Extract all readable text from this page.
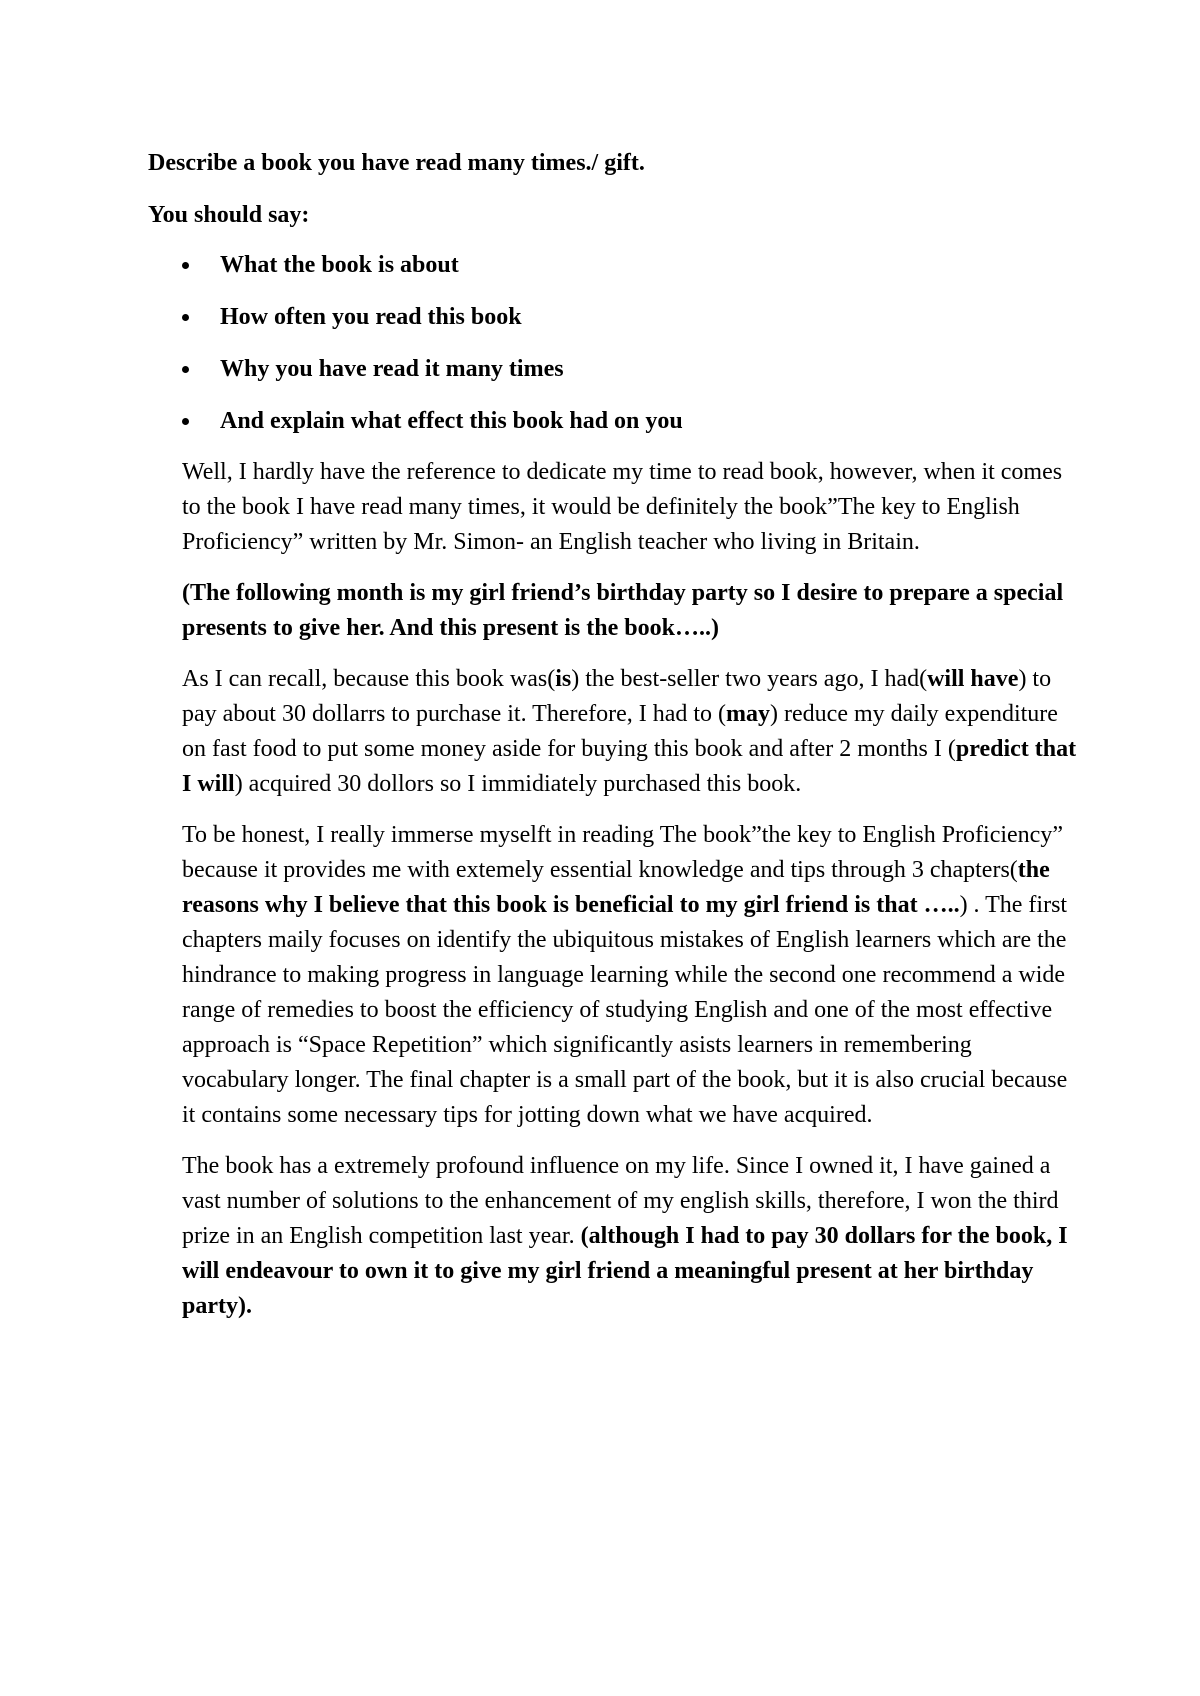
Describe a book you have read many times./ gift.

You should say:

What the book is about
How often you read this book
Why you have read it many times
And explain what effect this book had on you

Well, I hardly have the reference to dedicate my time to read book, however, when it comes to the book I have read many times, it would be definitely the book”The key to English Proficiency” written by Mr. Simon- an English teacher who living in Britain.

(The following month is my girl friend’s birthday party so I desire to prepare a special presents to give her. And this present is the book…..)

As I can recall, because this book was(is) the best-seller two years ago, I had(will have) to pay about 30 dollarrs to purchase it. Therefore, I had to (may) reduce my daily expenditure on fast food to put some money aside for buying this book and after 2 months I (predict that I will) acquired 30 dollors so I immidiately purchased this book.

To be honest, I really immerse myselft in reading The book”the key to English Proficiency” because it provides me with extemely essential knowledge and tips through 3 chapters(the reasons why I believe that this book is beneficial to my girl friend is that …..) . The first chapters maily focuses on identify the ubiquitous mistakes of English learners which are the hindrance to making progress in language learning while the second one recommend a wide range of remedies to boost the efficiency of studying English and one of the most effective approach is “Space Repetition” which significantly asists learners in remembering vocabulary longer. The final chapter is a small part of the book, but it is also crucial because it contains some necessary tips for jotting down what we have acquired.

The book has a extremely profound influence on my life. Since I owned it, I have gained a vast number of solutions to the enhancement of my english skills, therefore, I won the third prize in an English competition last year. (although I had to pay 30 dollars for the book, I will endeavour to own it to give my girl friend a meaningful present at her birthday party).
